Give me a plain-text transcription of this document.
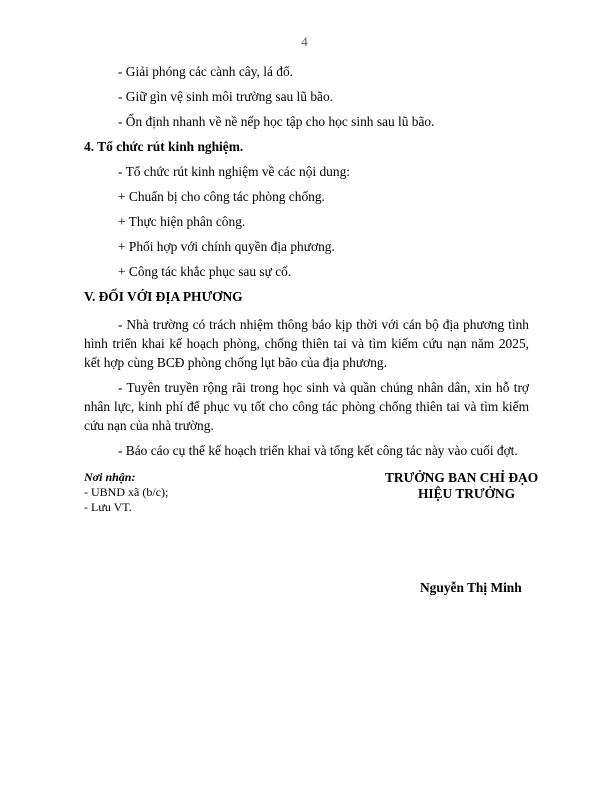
4
- Giải phóng các cành cây, lá đổ.
- Giữ gìn vệ sinh môi trường sau lũ bão.
- Ổn định nhanh về nề nếp học tập cho học sinh sau lũ bão.
4. Tổ chức rút kinh nghiệm.
- Tổ chức rút kinh nghiệm về các nội dung:
+ Chuẩn bị cho công tác phòng chống.
+ Thực hiện phân công.
+ Phối hợp với chính quyền địa phương.
+ Công tác khắc phục sau sự cố.
V. ĐỐI VỚI ĐỊA PHƯƠNG
- Nhà trường có trách nhiệm thông báo kịp thời với cán bộ địa phương tình hình triển khai kế hoạch phòng, chống thiên tai và tìm kiếm cứu nạn năm 2025, kết hợp cùng BCĐ phòng chống lụt bão của địa phương.
- Tuyên truyền rộng rãi trong học sinh và quần chúng nhân dân, xin hỗ trợ nhân lực, kinh phí để phục vụ tốt cho công tác phòng chống thiên tai và tìm kiếm cứu nạn của nhà trường.
- Báo cáo cụ thể kế hoạch triển khai và tổng kết công tác này vào cuối đợt.
Nơi nhận:
- UBND xã (b/c);
- Lưu VT.
TRƯỞNG BAN CHỈ ĐẠO
HIỆU TRƯỞNG
Nguyễn Thị Minh
